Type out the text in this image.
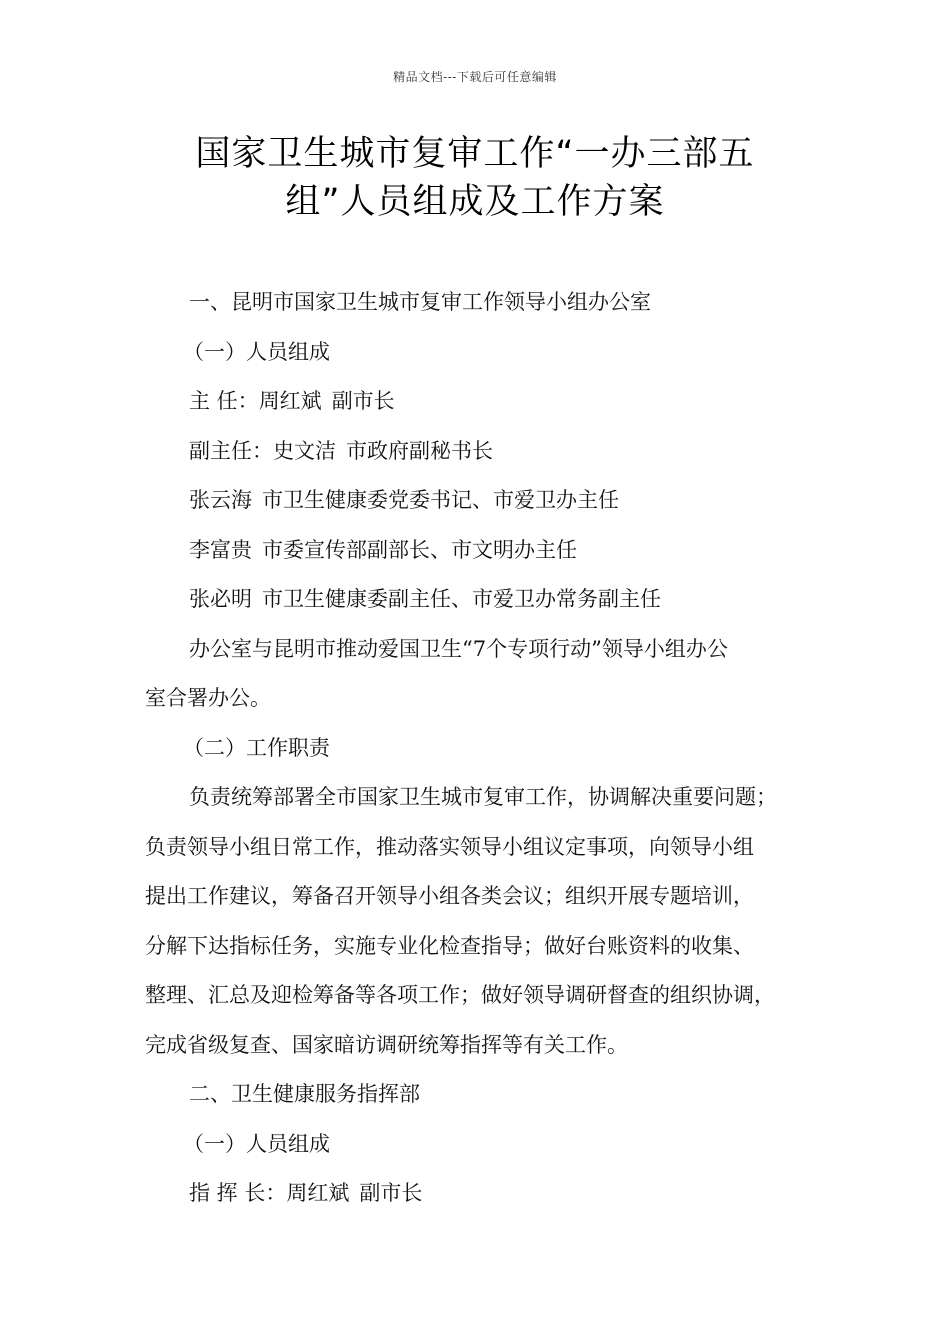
精品文档---下载后可任意编辑
国家卫生城市复审工作“一办三部五
组”人员组成及工作方案
一、昆明市国家卫生城市复审工作领导小组办公室
（一）人员组成
主 任：周红斌 副市长
副主任：史文洁 市政府副秘书长
张云海 市卫生健康委党委书记、市爱卫办主任
李富贵 市委宣传部副部长、市文明办主任
张必明 市卫生健康委副主任、市爱卫办常务副主任
办公室与昆明市推动爱国卫生“7个专项行动”领导小组办公
室合署办公。
（二）工作职责
负责统筹部署全市国家卫生城市复审工作，协调解决重要问题；
负责领导小组日常工作，推动落实领导小组议定事项，向领导小组
提出工作建议，筹备召开领导小组各类会议；组织开展专题培训，
分解下达指标任务，实施专业化检查指导；做好台账资料的收集、
整理、汇总及迎检筹备等各项工作；做好领导调研督查的组织协调，
完成省级复查、国家暗访调研统筹指挥等有关工作。
二、卫生健康服务指挥部
（一）人员组成
指 挥 长：周红斌 副市长
